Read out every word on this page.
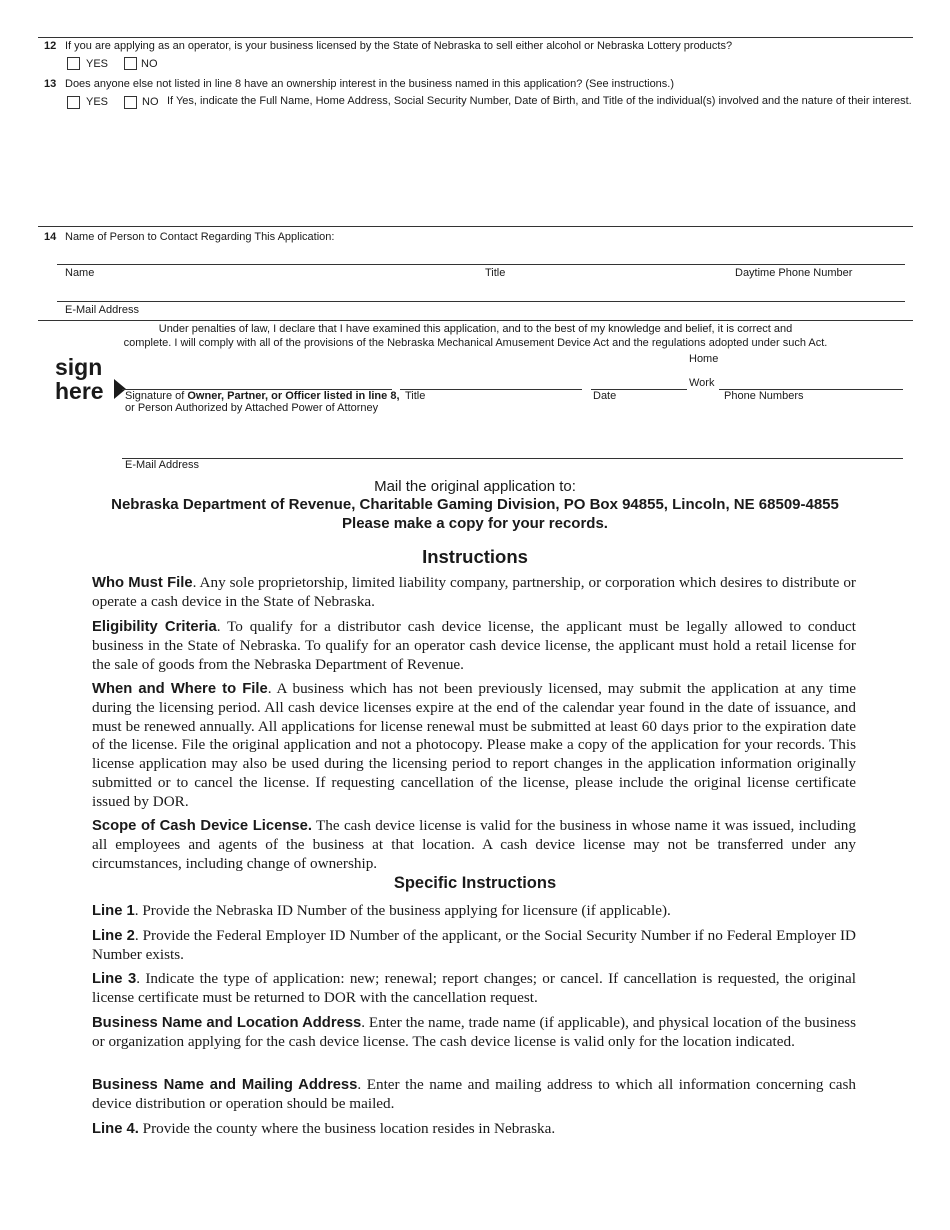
12 If you are applying as an operator, is your business licensed by the State of Nebraska to sell either alcohol or Nebraska Lottery products?
YES	NO
13 Does anyone else not listed in line 8 have an ownership interest in the business named in this application? (See instructions.)
YES	NO If Yes, indicate the Full Name, Home Address, Social Security Number, Date of Birth, and Title of the individual(s) involved and the nature of their interest.
14 Name of Person to Contact Regarding This Application:
Name	Title	Daytime Phone Number
E-Mail Address
Under penalties of law, I declare that I have examined this application, and to the best of my knowledge and belief, it is correct and
complete. I will comply with all of the provisions of the Nebraska Mechanical Amusement Device Act and the regulations adopted under such Act.
sign
here
Home
Work
Signature of Owner, Partner, or Officer listed in line 8,
or Person Authorized by Attached Power of Attorney
Title	Date	Phone Numbers
E-Mail Address
Mail the original application to:
Nebraska Department of Revenue, Charitable Gaming Division, PO Box 94855, Lincoln, NE 68509-4855
Please make a copy for your records.
Instructions

Who Must File. Any sole proprietorship, limited liability company, partnership, or corporation which desires to distribute or operate a cash device in the State of Nebraska.

Eligibility Criteria. To qualify for a distributor cash device license, the applicant must be legally allowed to conduct business in the State of Nebraska. To qualify for an operator cash device license, the applicant must hold a retail license for the sale of goods from the Nebraska Department of Revenue.

When and Where to File. A business which has not been previously licensed, may submit the application at any time during the licensing period. All cash device licenses expire at the end of the calendar year found in the date of issuance, and must be renewed annually. All applications for license renewal must be submitted at least 60 days prior to the expiration date of the license. File the original application and not a photocopy. Please make a copy of the application for your records. This license application may also be used during the licensing period to report changes in the application information originally submitted or to cancel the license. If requesting cancellation of the license, please include the original license certificate issued by DOR.

Scope of Cash Device License. The cash device license is valid for the business in whose name it was issued, including all employees and agents of the business at that location. A cash device license may not be transferred under any circumstances, including change of ownership.

Specific Instructions

Line 1. Provide the Nebraska ID Number of the business applying for licensure (if applicable).

Line 2. Provide the Federal Employer ID Number of the applicant, or the Social Security Number if no Federal Employer ID Number exists.

Line 3. Indicate the type of application: new; renewal; report changes; or cancel. If cancellation is requested, the original license certificate must be returned to DOR with the cancellation request.

Business Name and Location Address. Enter the name, trade name (if applicable), and physical location of the business or organization applying for the cash device license. The cash device license is valid only for the location indicated.

Business Name and Mailing Address. Enter the name and mailing address to which all information concerning cash device distribution or operation should be mailed.

Line 4. Provide the county where the business location resides in Nebraska.
